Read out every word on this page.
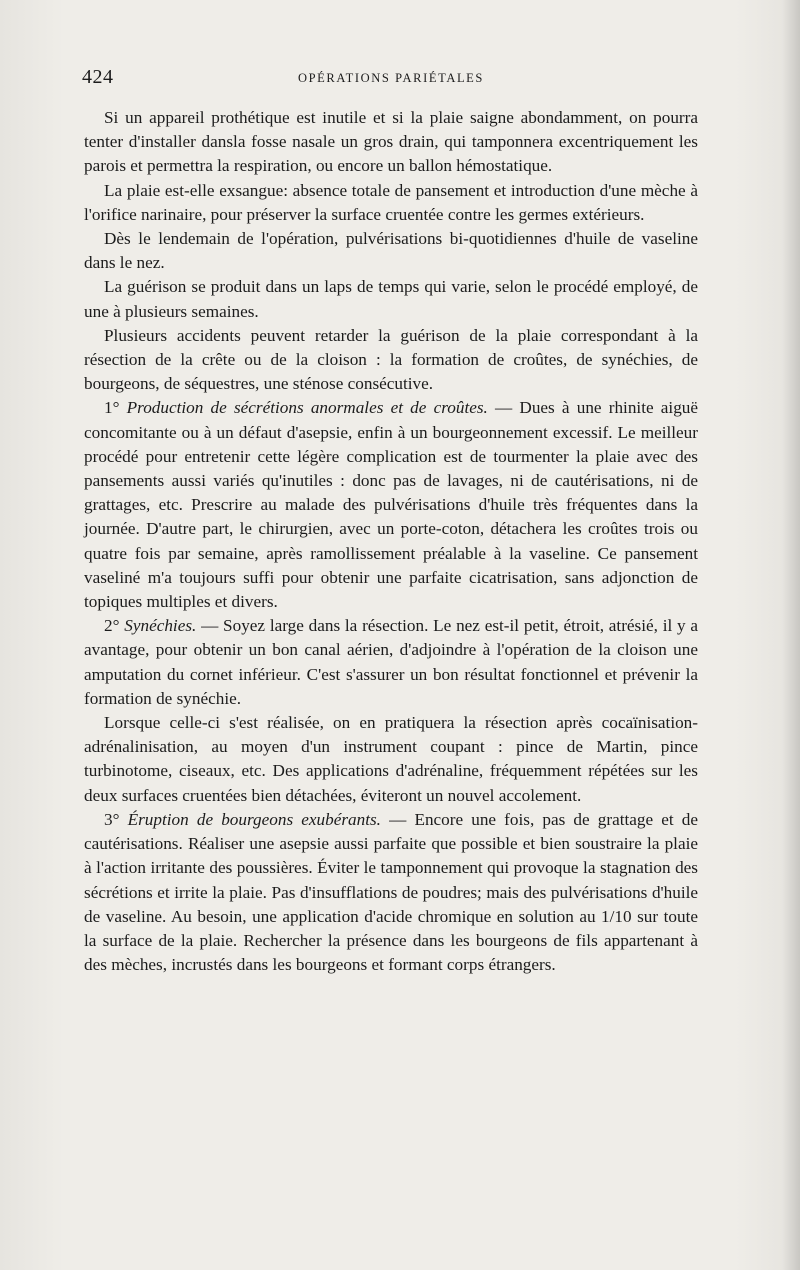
424	OPÉRATIONS PARIÉTALES

Si un appareil prothétique est inutile et si la plaie saigne abondamment, on pourra tenter d'installer dansla fosse nasale un gros drain, qui tamponnera excentriquement les parois et permettra la respiration, ou encore un ballon hémostatique.

La plaie est-elle exsangue: absence totale de pansement et introduction d'une mèche à l'orifice narinaire, pour préserver la surface cruentée contre les germes extérieurs.

Dès le lendemain de l'opération, pulvérisations bi-quotidiennes d'huile de vaseline dans le nez.

La guérison se produit dans un laps de temps qui varie, selon le procédé employé, de une à plusieurs semaines.

Plusieurs accidents peuvent retarder la guérison de la plaie correspondant à la résection de la crête ou de la cloison : la formation de croûtes, de synéchies, de bourgeons, de séquestres, une sténose consécutive.

1° Production de sécrétions anormales et de croûtes. — Dues à une rhinite aiguë concomitante ou à un défaut d'asepsie, enfin à un bourgeonnement excessif. Le meilleur procédé pour entretenir cette légère complication est de tourmenter la plaie avec des pansements aussi variés qu'inutiles : donc pas de lavages, ni de cautérisations, ni de grattages, etc. Prescrire au malade des pulvérisations d'huile très fréquentes dans la journée. D'autre part, le chirurgien, avec un porte-coton, détachera les croûtes trois ou quatre fois par semaine, après ramollissement préalable à la vaseline. Ce pansement vaseliné m'a toujours suffi pour obtenir une parfaite cicatrisation, sans adjonction de topiques multiples et divers.

2° Synéchies. — Soyez large dans la résection. Le nez est-il petit, étroit, atrésié, il y a avantage, pour obtenir un bon canal aérien, d'adjoindre à l'opération de la cloison une amputation du cornet inférieur. C'est s'assurer un bon résultat fonctionnel et prévenir la formation de synéchie.

Lorsque celle-ci s'est réalisée, on en pratiquera la résection après cocaïnisation-adrénalinisation, au moyen d'un instrument coupant : pince de Martin, pince turbinotome, ciseaux, etc. Des applications d'adrénaline, fréquemment répétées sur les deux surfaces cruentées bien détachées, éviteront un nouvel accolement.

3° Éruption de bourgeons exubérants. — Encore une fois, pas de grattage et de cautérisations. Réaliser une asepsie aussi parfaite que possible et bien soustraire la plaie à l'action irritante des poussières. Éviter le tamponnement qui provoque la stagnation des sécrétions et irrite la plaie. Pas d'insufflations de poudres; mais des pulvérisations d'huile de vaseline. Au besoin, une application d'acide chromique en solution au 1/10 sur toute la surface de la plaie. Rechercher la présence dans les bourgeons de fils appartenant à des mèches, incrustés dans les bourgeons et formant corps étrangers.
